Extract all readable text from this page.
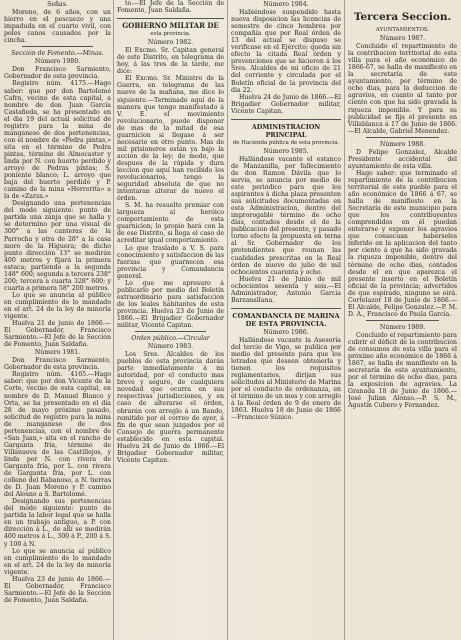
Señas.

Moreno, de 6 años, con un hierro en el pescuezo y una impaduda en el cuarto vivil, con poles canos causados por la cincha.

Sección de Fomento.—Minas.

Número 1980.

Don Francisco Sarmiento, Gobernador de esta provincia.

Registro núm. 4175.—Hago saber: que por don Bartolomé Cafra, vecino de esta capital, a nombre de don Juan García Castañeda, se ha presentado en el dia 19 del actual solicitud de registro para la mina de manganeso de dos pertenencias, con el nombre de «Pedra pintas,» sita en el término de Pedra pintas, término de Almocaster y linda por N. con huerto perdido y arroyo de Pedras pintas; S. poniente blanco; L. arroyo que baja del huerto perdido y P. camino de la mina «Herrerita» a la de «Zarza.»

Designando una pertenencias del modo siguiente: punto de partida una zanja que se halla y se determino por una visual de 300° a las canteras de la Parrocha y otra de 28° a la casa moro de la Higuera; de dicho punto dirección 13° se medirán 400 metros y fijará la primera estaca; partiendo a la segunda 148° 600; segunda a tercera 238° 200; tercera a cuarta 328° 600; y cuarta a primera 58° 200 metros.

Lo que se anuncia al público en cumplimiento de lo mandado en el art. 24 de la ley de minería vigente.

Huelva 21 de junio de 1866.—El Gobernador, Francisco Sarmiento.—El Jefe de la Sección de Fomento, Juan Saldaña.

Número 1981.

Don Francisco Sarmiento, Gobernador de esta provincia.

Registro núm. 4165.—Hago saber: que por don Vicente de la Corte, vecino de esta capital, en nombre de D. Manuel Blanco y Orta, se ha presentado en el dia 28 de mayo próximo pasado, solicitud de registro para la mina de manganeso de dos pertenencias, con el nombre de «San Juan,» sita en el rancho de Garganta fría, término de Villanueva de las Castillejos, y linda por N. con rivera de Garganta fría, por L. con rivera de Garganta fría, por L. con colleno del Rabanoso, a N. tierras de D. Juan Moreno y P. camino del Alosno a S. Bartolomé.

Designando sus pertenencias del modo siguiente: punto de partida la labor legal que se halla en un trabajo antiguo, a P. con dirección á L., de allí se medirán 400 metros á L., 300 á P., 200 á S. y 100 á N.

Lo que se anuncia al público en cumplimiento de lo mandado en el art. 24 de la ley de minería vigente.

Huelva 23 de junio de 1866.—El Gobernador, Francisco Sarmiento.—El Jefe de la Sección de Fomento, Juan Saldaña.

to.—El Jefe de la Sección de Fomento, Juan Saldaña.

GOBIERNO MILITAR DE

esta provincia.

Número 1982.

El Excmo. Sr. Capitan general de este Distrito, en telegrama de hoy, á las tres de la tarde, me dice:

El Excmo. Sr. Ministro de la Guerra, en telegrama de las nueve de la mañana, me dice lo siguiente.—Terminado aquí de la manera que tengo manifestado á V. E. el movimiento revolucionario, puede disponer de mas de la mitad de esa guarnicion si llegase á ser necesario en otro punto. Mas de mil prisioneros están ya bajo la accion de la ley; de modo, que despues de la rápida y dura leccion que aquí han recibido los revolucionarios, tengo la seguridad absoluta de que no intentaran alterar de nuevo el órden.

S. M. ha resuelto premiar con largueza al heróico comportamiento de esta guarnicion; lo propio hará con la de ese Distrito, si llega el caso de acreditar igual comportamiento.

Lo que traslado a V. S. para conocimiento y satisfaccion de las fuerzas que guarnecen esa provincia y Comandancia general.

Lo que me apresuro á publicarlo por medio del Boletín extraordinario para satisfaccion de los leales habitantes de esta provincia. Huelva 23 de Junio de 1866.—El Brigadier Gobernador militar, Vicente Capitan.

Orden público.—Circular

Número 1983.

Los Sres. Alcaldes de los pueblos de esta provincia darán parte inmediatamente á mi autoridad, por el conducto mas breve y seguro, de cualquiera novedad que ocurra en sus respectivas jurisdicciones, y en caso de alterarse el órden, obrarán con arreglo á un Bando, remitido por el correo de ayer, á fin de que sean juzgados por el Consejo de guerra permanente establecido en esta capital. Huelva 24 de Junio de 1866.—El Brigadier Gobernador militar, Vicente Capitan.

Número 1984.

Habiéndose suspendido hasta nueva disposicion las licencias de semestre de cinco hombres por compañía que por Real órden de 13 del actual se dispuso se verificase en el Ejército; queda sin efecto la citada Real órden y prevenciones que se hicieron á los Sres. Alcaldes de mi oficio de 21 del corriente y circulada por el Boletín oficial de la provincia del dia 22.

Huelva 24 de Junio de 1866.—El Brigadier Gobernador militar, Vicente Capitan.

ADMINISTRACION PRINCIPAL

de Hacienda pública de esta provincia.

Número 1985.

Hallándose vacante el estanco de Manzanilla, por fallecimiento de don Ramon Dávila que lo servia, se anuncia por medio de este periódico para que los aspirantes á dicha plaza presenten sus solicitudes documentadas en esta Administracion, dentro del improrogable término de ocho días, contados desde el de la publicacion del presente, y pasado torno efecto la propuesta en terna al Sr. Gobernador de los pretendientes que reunan las cualidades prescritas en la Real órden de nueve de julio de mil ochocientos cuarenta y ocho.

Huelva 21 de Junio de mil ochocientos sesenta y seis.—El Administrador, Antonio Garcia Barzanallana.

COMANDANCIA DE MARINA DE ESTA PROVINCIA.

Número 1986.

Hallándose vacante la Asesoría del tercio de Vigo, se publica por medio del presente para que los letrados que deseen obtenerla y tienen los requisitos reglamentarios, dirijan sus solicitudes al Ministerio de Marina por el conducto de ordenanza, en el término de un mes y con arreglo á la Real órden de 9 de enero de 1863. Huelva 18 de Junio de 1866—Francisco Súnico.

Tercera Seccion.

AYUNTAMIENTOS.

Número 1987.

Concluido el repartimiento de la contribucion territorial de esta villa para el año económico de 1866-67, se halla de manifiesto en la secretaría de este ayuntamiento, por término de ocho dias, para la deduccion de agravios, en cuanto al tanto por ciento con que ha sido gravada la riqueza imponible. Y para su publicidad se fija el presente en Villablanca á 17 de Junio de 1866.—El Alcalde, Gabriel Menendez.

Número 1988.

D Felipe Gonzalez, Alcalde Presidente accidental del ayuntamiento de esta villa.

Hago saber: que terminado el repartimiento de la contribucion territorial de este pueblo para el año económico de 1866 á 67, se halla de manifiesto en la Secretaría de este municipio para que los contribuyentes comprendidos en él puedan enterarse y exponer los agravios que consecuan haberseles inferido en la aplicacion del tanto por ciento á que ha sido gravada la riqueza imponible, dentro del término de ocho dias, contados desde el en que aparezca el presente inserto en el Boletín oficial de la provincia; advertidos de que espirado, ninguno se oirá. Cortelazor 18 de Junio de 1866.—El Alcalde, Felipe Gonzalez.—P. M. D. A., Francisco de Paula García.

Número 1989.

Concluido el repartimiento para cubrir el déficit de la contribucion de consumos de esta villa para el próximo año económico de 1866 á 1867, se halla de manifiesto en la secretaría de este ayuntamiento, por el término de ocho dias, para la exposicion de agravios. La Granada 18 de Junio de 1866.—José Julian Alonso.—P. S. M., Agustin Cubero y Fernandez.
